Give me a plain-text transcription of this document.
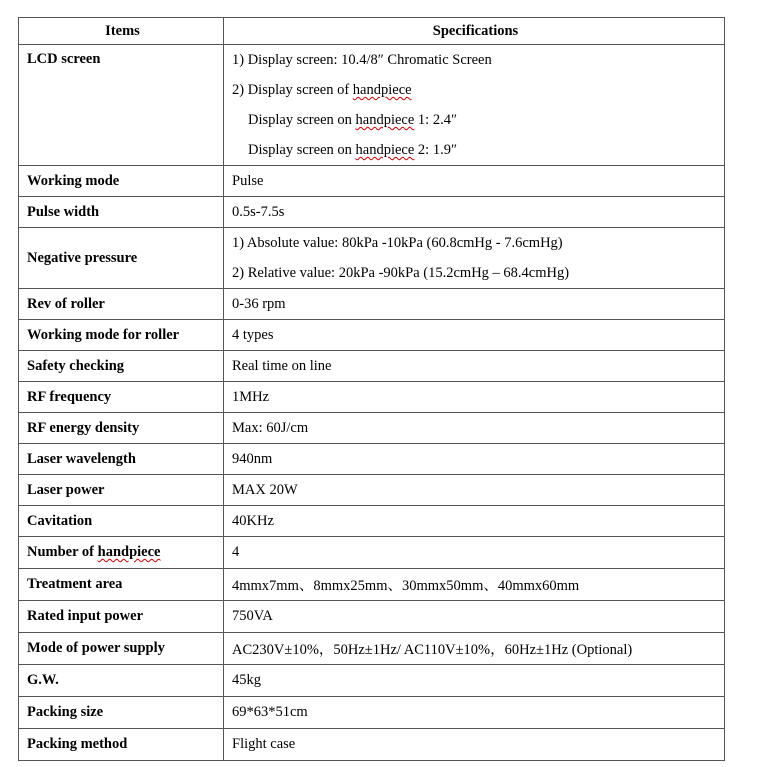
Items	Specifications
LCD screen	1) Display screen: 10.4/8″ Chromatic Screen
2) Display screen of handpiece
Display screen on handpiece 1: 2.4″
Display screen on handpiece 2: 1.9″

Working mode	Pulse
Pulse width	0.5s-7.5s
Negative pressure	1) Absolute value: 80kPa -10kPa (60.8cmHg - 7.6cmHg)
2) Relative value: 20kPa -90kPa (15.2cmHg – 68.4cmHg)

Rev of roller	0-36 rpm
Working mode for roller	4 types
Safety checking	Real time on line
RF frequency	1MHz
RF energy density	Max: 60J/cm
Laser wavelength	940nm
Laser power	MAX 20W
Cavitation	40KHz
Number of handpiece	4
Treatment area	4mmx7mm、8mmx25mm、30mmx50mm、40mmx60mm
Rated input power	750VA
Mode of power supply	AC230V±10%，50Hz±1Hz/ AC110V±10%，60Hz±1Hz (Optional)
G.W.	45kg
Packing size	69*63*51cm
Packing method	Flight case
